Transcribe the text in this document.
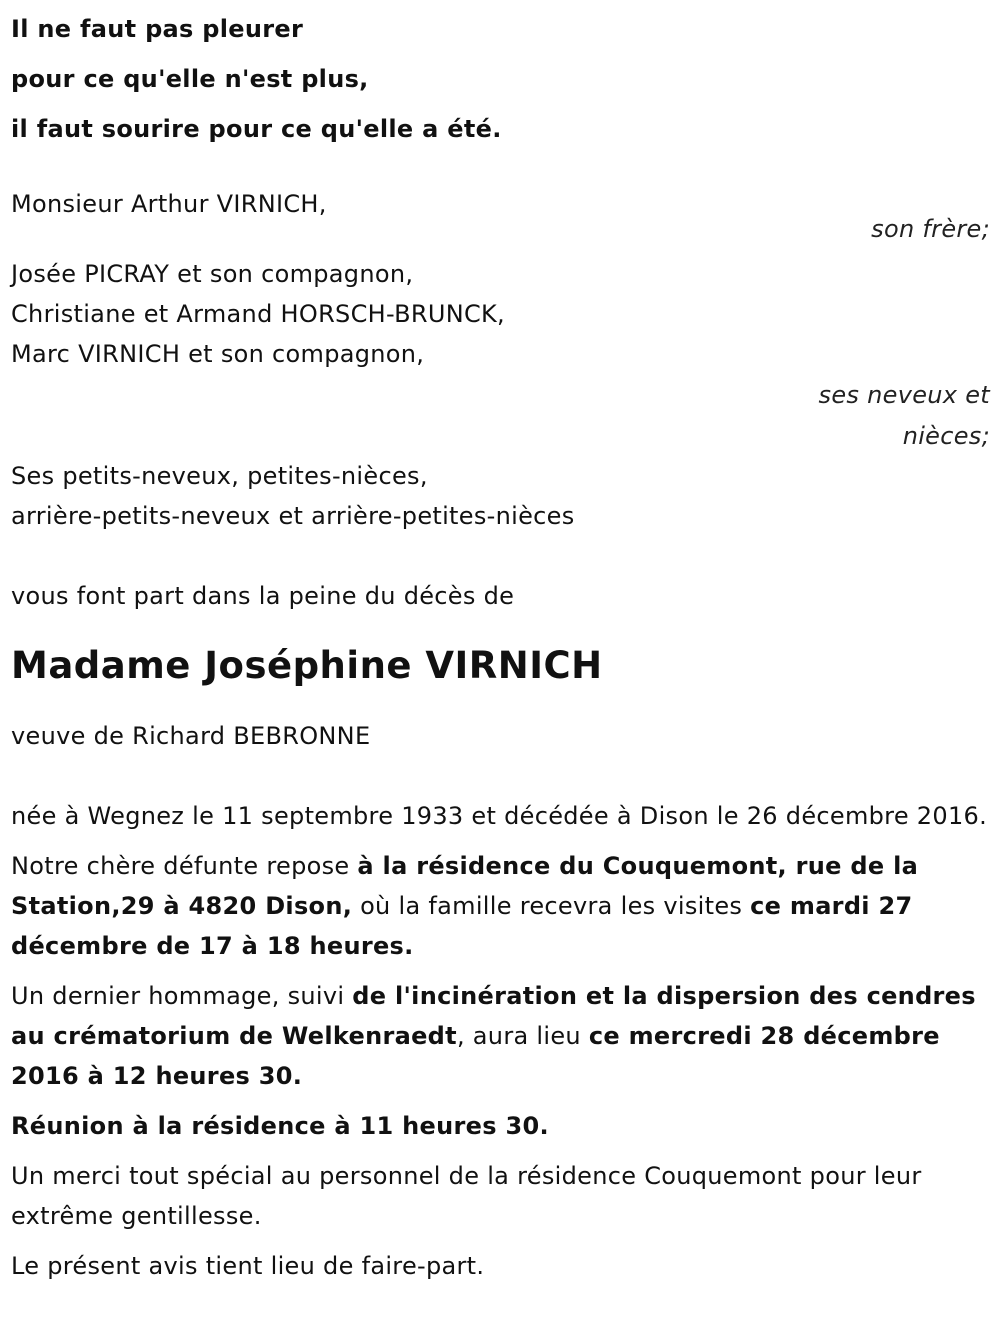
Il ne faut pas pleurer

pour ce qu'elle n'est plus,

il faut sourire pour ce qu'elle a été.

Monsieur Arthur VIRNICH,

son frère;

Josée PICRAY et son compagnon,

Christiane et Armand HORSCH-BRUNCK,

Marc VIRNICH et son compagnon,

ses neveux et

nièces;

Ses petits-neveux, petites-nièces,

arrière-petits-neveux et arrière-petites-nièces

vous font part dans la peine du décès de

Madame Joséphine VIRNICH

veuve de Richard BEBRONNE

née à Wegnez le 11 septembre 1933 et décédée à Dison le 26 décembre 2016.

Notre chère défunte repose à la résidence du Couquemont, rue de la Station,29 à 4820 Dison, où la famille recevra les visites ce mardi 27 décembre de 17 à 18 heures.

Un dernier hommage, suivi de l'incinération et la dispersion des cendres au crématorium de Welkenraedt, aura lieu ce mercredi 28 décembre 2016 à 12 heures 30.

Réunion à la résidence à 11 heures 30.

Un merci tout spécial au personnel de la résidence Couquemont pour leur extrême gentillesse.

Le présent avis tient lieu de faire-part.
